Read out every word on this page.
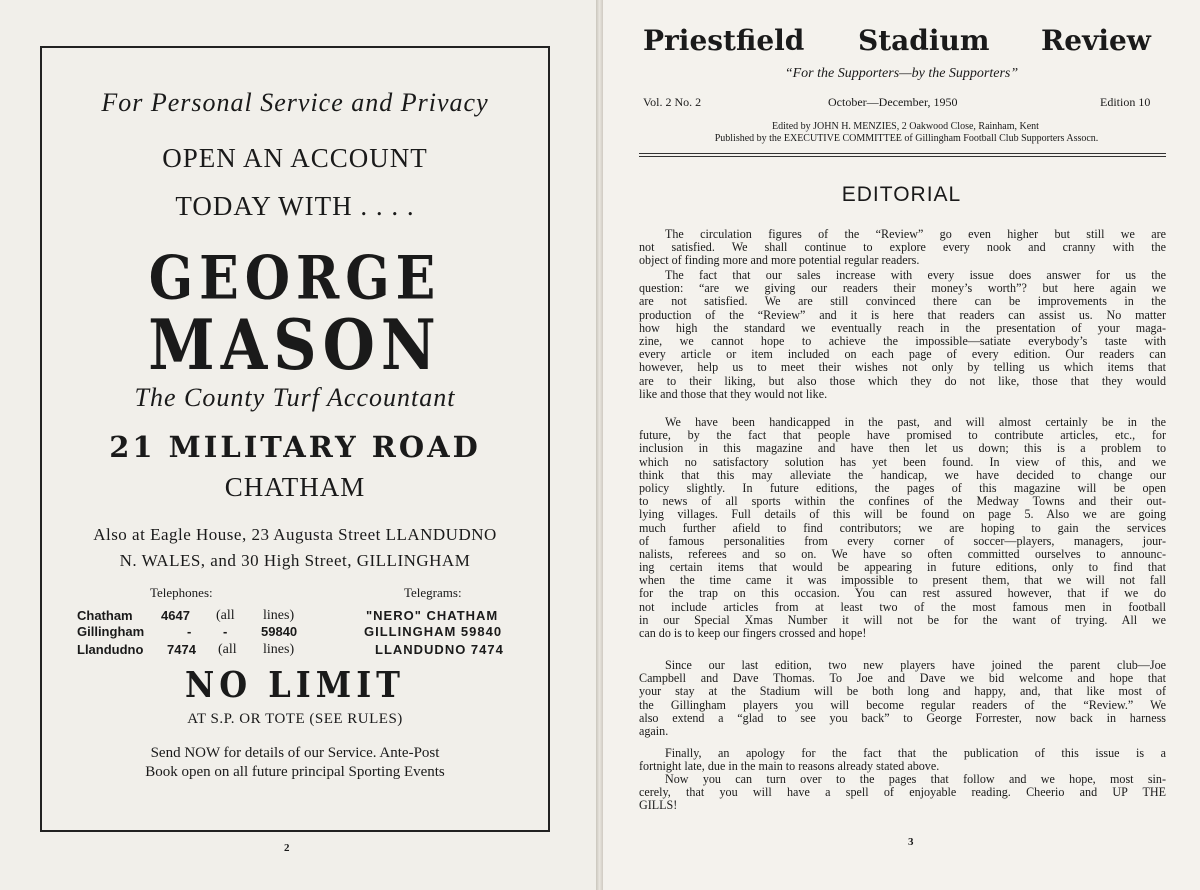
For Personal Service and Privacy
OPEN AN ACCOUNT
TODAY WITH . . . .
GEORGE
MASON
The County Turf Accountant
21 MILITARY ROAD
CHATHAM
Also at Eagle House, 23 Augusta Street LLANDUDNO
N. WALES, and 30 High Street, GILLINGHAM
Telephones:	Telegrams:
Chatham 4647 (all lines)	"NERO" CHATHAM
Gillingham	- -	59840	GILLINGHAM 59840
Llandudno 7474 (all lines)	LLANDUDNO 7474
NO LIMIT
AT S.P. OR TOTE (SEE RULES)
Send NOW for details of our Service. Ante-Post
Book open on all future principal Sporting Events
2
Priestfield Stadium Review
“For the Supporters—by the Supporters”
Vol. 2 No. 2	October—December, 1950	Edition 10
Edited by JOHN H. MENZIES, 2 Oakwood Close, Rainham, Kent
Published by the EXECUTIVE COMMITTEE of Gillingham Football Club Supporters Assocn.
EDITORIAL
The circulation figures of the “Review” go even higher but still we are
not satisfied. We shall continue to explore every nook and cranny with the
object of finding more and more potential regular readers.
The fact that our sales increase with every issue does answer for us the
question: “are we giving our readers their money’s worth”? but here again we
are not satisfied. We are still convinced there can be improvements in the
production of the “Review” and it is here that readers can assist us. No matter
how high the standard we eventually reach in the presentation of your maga-
zine, we cannot hope to achieve the impossible—satiate everybody’s taste with
every article or item included on each page of every edition. Our readers can
however, help us to meet their wishes not only by telling us which items that
are to their liking, but also those which they do not like, those that they would
like and those that they would not like.
We have been handicapped in the past, and will almost certainly be in the
future, by the fact that people have promised to contribute articles, etc., for
inclusion in this magazine and have then let us down; this is a problem to
which no satisfactory solution has yet been found. In view of this, and we
think that this may alleviate the handicap, we have decided to change our
policy slightly. In future editions, the pages of this magazine will be open
to news of all sports within the confines of the Medway Towns and their out-
lying villages. Full details of this will be found on page 5. Also we are going
much further afield to find contributors; we are hoping to gain the services
of famous personalities from every corner of soccer—players, managers, jour-
nalists, referees and so on. We have so often committed ourselves to announc-
ing certain items that would be appearing in future editions, only to find that
when the time came it was impossible to present them, that we will not fall
for the trap on this occasion. You can rest assured however, that if we do
not include articles from at least two of the most famous men in football
in our Special Xmas Number it will not be for the want of trying. All we
can do is to keep our fingers crossed and hope!
Since our last edition, two new players have joined the parent club—Joe
Campbell and Dave Thomas. To Joe and Dave we bid welcome and hope that
your stay at the Stadium will be both long and happy, and, that like most of
the Gillingham players you will become regular readers of the “Review.” We
also extend a “glad to see you back” to George Forrester, now back in harness
again.
Finally, an apology for the fact that the publication of this issue is a
fortnight late, due in the main to reasons already stated above.
Now you can turn over to the pages that follow and we hope, most sin-
cerely, that you will have a spell of enjoyable reading. Cheerio and UP THE
GILLS!
3
